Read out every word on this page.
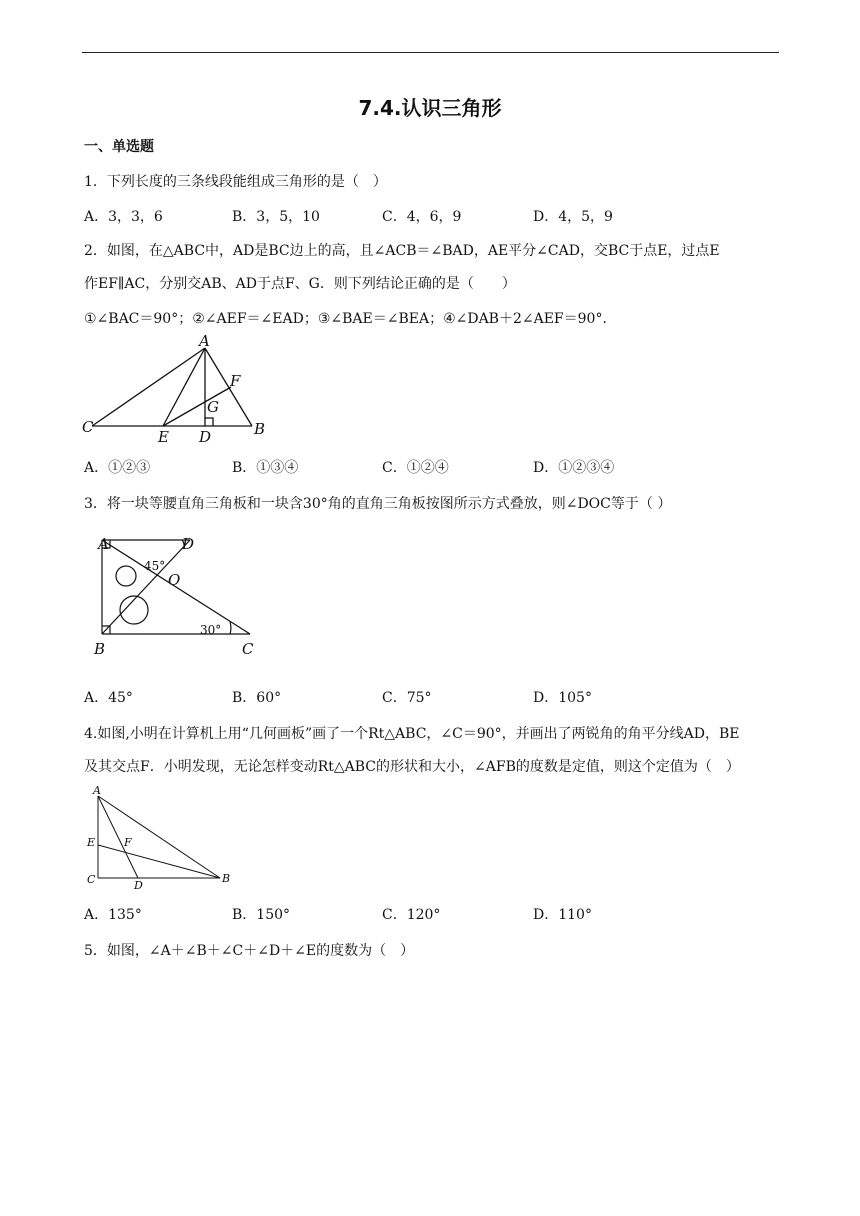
7.4.认识三角形
一、单选题
1．下列长度的三条线段能组成三角形的是（　）
A．3，3，6	B．3，5，10	C．4，6，9	D．4，5，9
2．如图，在△ABC中，AD是BC边上的高，且∠ACB＝∠BAD，AE平分∠CAD，交BC于点E，过点E
作EF∥AC，分别交AB、AD于点F、G．则下列结论正确的是（　　）
①∠BAC＝90°；②∠AEF＝∠EAD；③∠BAE＝∠BEA；④∠DAB＋2∠AEF＝90°．
A
F
G
C
E D	B
A．①②③	B．①③④	C．①②④	D．①②③④
3．将一块等腰直角三角板和一块含30°角的直角三角板按图所示方式叠放，则∠DOC等于（ ）
A	D
O
B	C
45°
30°
A．45°	B．60°	C．75°	D．105°
4.如图,小明在计算机上用“几何画板”画了一个Rt△ABC，∠C＝90°，并画出了两锐角的角平分线AD，BE
及其交点F．小明发现，无论怎样变动Rt△ABC的形状和大小，∠AFB的度数是定值，则这个定值为（　）
A
E	F
C	D
B
A．135°	B．150°	C．120°	D．110°
5．如图，∠A＋∠B＋∠C＋∠D＋∠E的度数为（　）
